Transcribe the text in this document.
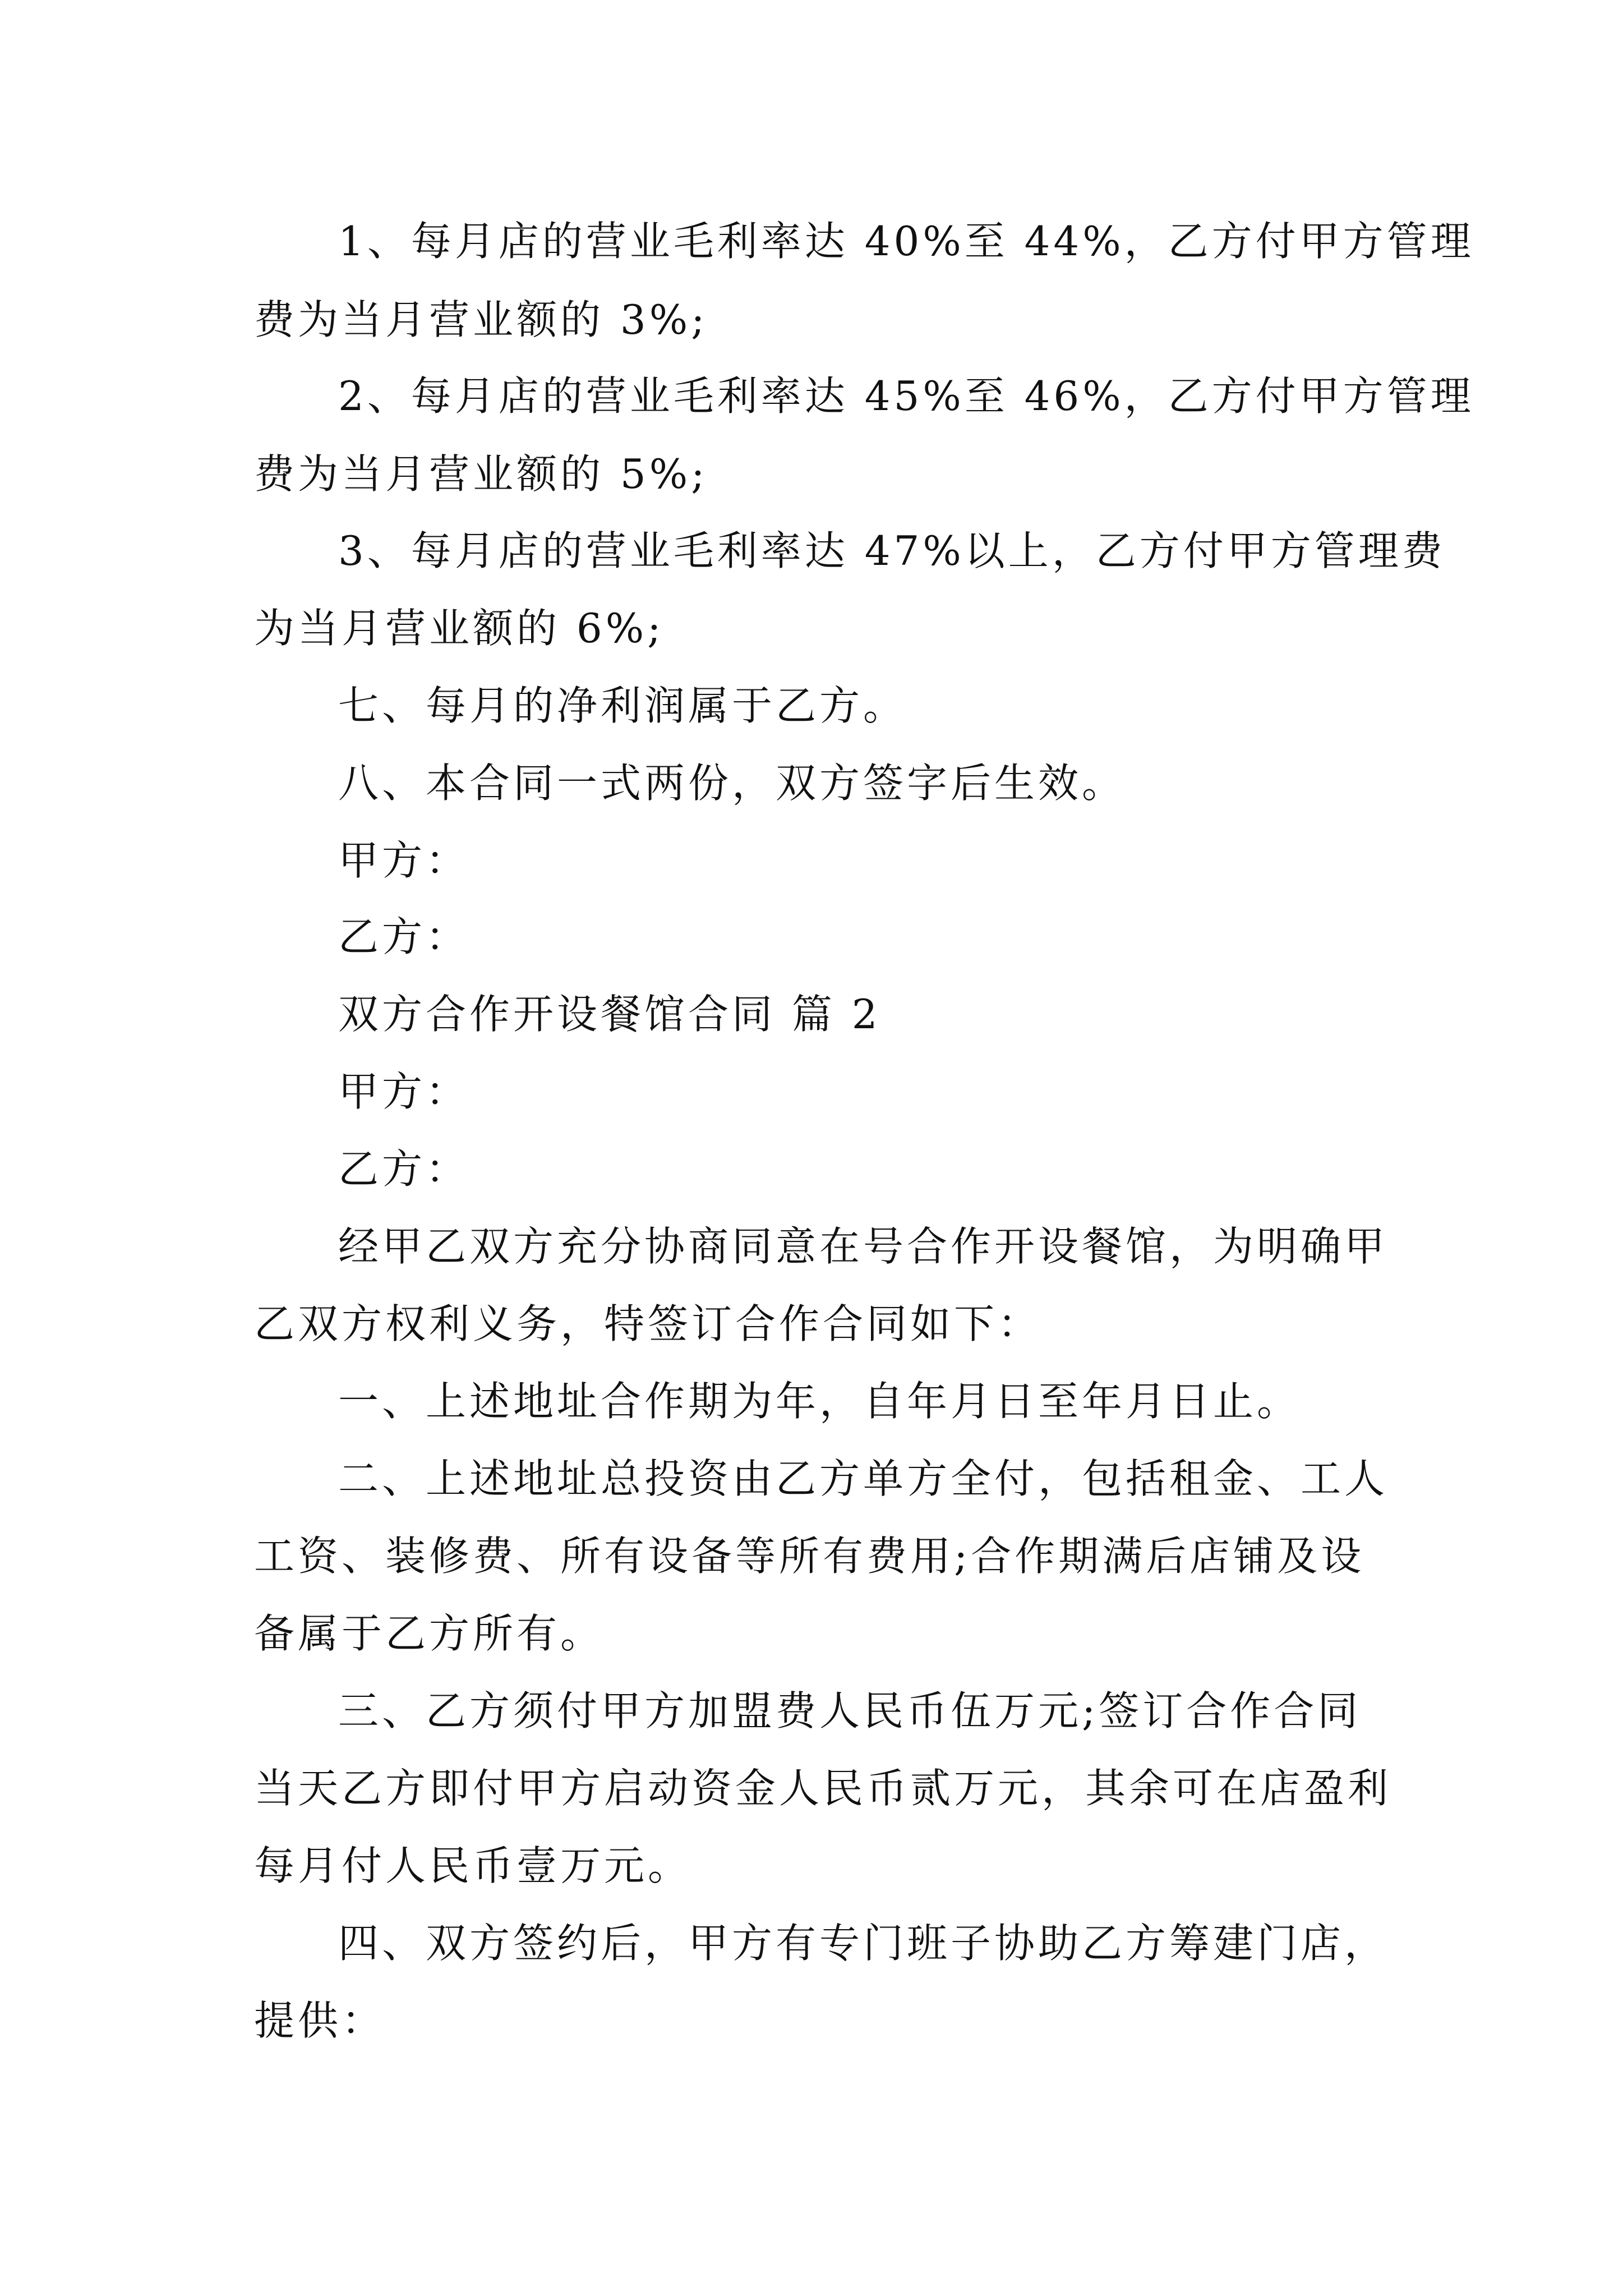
1、每月店的营业毛利率达 40%至 44%，乙方付甲方管理
费为当月营业额的 3%;
2、每月店的营业毛利率达 45%至 46%，乙方付甲方管理
费为当月营业额的 5%;
3、每月店的营业毛利率达 47%以上，乙方付甲方管理费
为当月营业额的 6%;
七、每月的净利润属于乙方。
八、本合同一式两份，双方签字后生效。
甲方：
乙方：
双方合作开设餐馆合同 篇 2
甲方：
乙方：
经甲乙双方充分协商同意在号合作开设餐馆，为明确甲
乙双方权利义务，特签订合作合同如下：
一、上述地址合作期为年，自年月日至年月日止。
二、上述地址总投资由乙方单方全付，包括租金、工人
工资、装修费、所有设备等所有费用;合作期满后店铺及设
备属于乙方所有。
三、乙方须付甲方加盟费人民币伍万元;签订合作合同
当天乙方即付甲方启动资金人民币贰万元，其余可在店盈利
每月付人民币壹万元。
四、双方签约后，甲方有专门班子协助乙方筹建门店，
提供：
